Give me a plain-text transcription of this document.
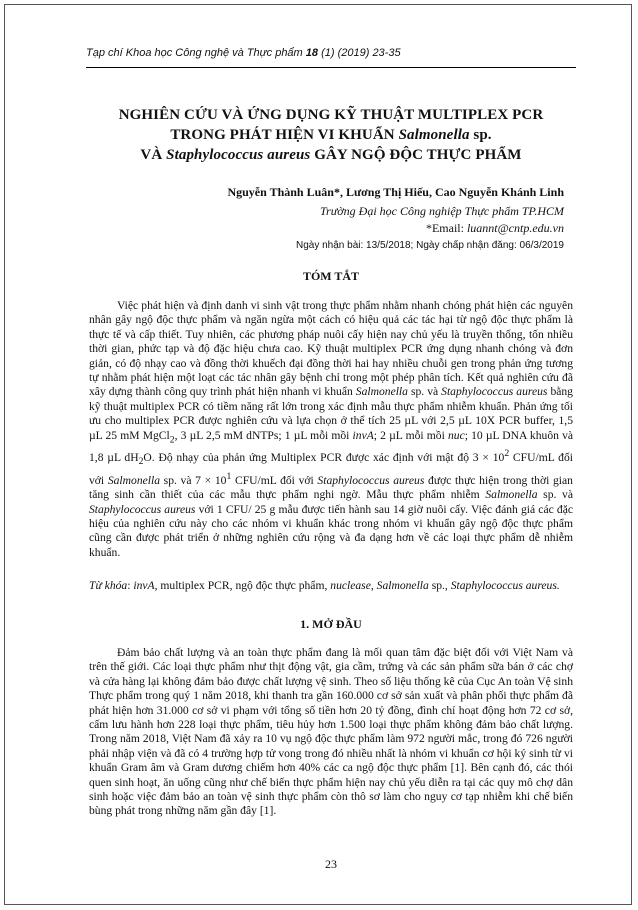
Tạp chí Khoa học Công nghệ và Thực phẩm 18 (1) (2019) 23-35
NGHIÊN CỨU VÀ ỨNG DỤNG KỸ THUẬT MULTIPLEX PCR
TRONG PHÁT HIỆN VI KHUẨN Salmonella sp.
VÀ Staphylococcus aureus GÂY NGỘ ĐỘC THỰC PHẨM
Nguyễn Thành Luân*, Lương Thị Hiếu, Cao Nguyễn Khánh Linh
Trường Đại học Công nghiệp Thực phẩm TP.HCM
*Email: luannt@cntp.edu.vn
Ngày nhận bài: 13/5/2018; Ngày chấp nhận đăng: 06/3/2019
TÓM TẮT

Việc phát hiện và định danh vi sinh vật trong thực phẩm nhằm nhanh chóng phát hiện các nguyên nhân gây ngộ độc thực phẩm và ngăn ngừa một cách có hiệu quả các tác hại từ ngộ độc thực phẩm là thực tế và cấp thiết. Tuy nhiên, các phương pháp nuôi cấy hiện nay chủ yếu là truyền thống, tốn nhiều thời gian, phức tạp và độ đặc hiệu chưa cao. Kỹ thuật multiplex PCR ứng dụng nhanh chóng và đơn giản, có độ nhạy cao và đồng thời khuếch đại đồng thời hai hay nhiều chuỗi gen trong phản ứng tương tự nhằm phát hiện một loạt các tác nhân gây bệnh chỉ trong một phép phân tích. Kết quả nghiên cứu đã xây dựng thành công quy trình phát hiện nhanh vi khuẩn Salmonella sp. và Staphylococcus aureus bằng kỹ thuật multiplex PCR có tiềm năng rất lớn trong xác định mẫu thực phẩm nhiễm khuẩn. Phản ứng tối ưu cho multiplex PCR được nghiên cứu và lựa chọn ở thể tích 25 µL với 2,5 µL 10X PCR buffer, 1,5 µL 25 mM MgCl$_2$, 3 µL 2,5 mM dNTPs; 1 µL mỗi mồi invA; 2 µL mỗi mồi nuc; 10 µL DNA khuôn và 1,8 µL $dH_2O$. Độ nhạy của phản ứng Multiplex PCR được xác định với mật độ $3 \times 10^2$ CFU/mL đối với Salmonella sp. và $7 \times 10^1$ CFU/mL đối với Staphylococcus aureus được thực hiện trong thời gian tăng sinh cần thiết của các mẫu thực phẩm nghi ngờ. Mẫu thực phẩm nhiễm Salmonella sp. và Staphylococcus aureus với 1 CFU/ 25 g mẫu được tiến hành sau 14 giờ nuôi cấy. Việc đánh giá các đặc hiệu của nghiên cứu này cho các nhóm vi khuẩn khác trong nhóm vi khuẩn gây ngộ độc thực phẩm cũng cần được phát triển ở những nghiên cứu rộng và đa dạng hơn về các loại thực phẩm dễ nhiễm khuẩn.

Từ khóa: invA, multiplex PCR, ngộ độc thực phẩm, nuclease, Salmonella sp., Staphylococcus aureus.

1. MỞ ĐẦU

Đảm bảo chất lượng và an toàn thực phẩm đang là mối quan tâm đặc biệt đối với Việt Nam và trên thế giới. Các loại thực phẩm như thịt động vật, gia cầm, trứng và các sản phẩm sữa bán ở các chợ và cửa hàng lại không đảm bảo được chất lượng vệ sinh. Theo số liệu thống kê của Cục An toàn Vệ sinh Thực phẩm trong quý 1 năm 2018, khi thanh tra gần 160.000 cơ sở sản xuất và phân phối thực phẩm đã phát hiện hơn 31.000 cơ sở vi phạm với tổng số tiền hơn 20 tỷ đồng, đình chỉ hoạt động hơn 72 cơ sở, cấm lưu hành hơn 228 loại thực phẩm, tiêu hủy hơn 1.500 loại thực phẩm không đảm bảo chất lượng. Trong năm 2018, Việt Nam đã xảy ra 10 vụ ngộ độc thực phẩm làm 972 người mắc, trong đó 726 người phải nhập viện và đã có 4 trường hợp tử vong trong đó nhiều nhất là nhóm vi khuẩn cơ hội ký sinh từ vi khuẩn Gram âm và Gram dương chiếm hơn 40% các ca ngộ độc thực phẩm [1]. Bên cạnh đó, các thói quen sinh hoạt, ăn uống cũng như chế biến thực phẩm hiện nay chủ yếu diễn ra tại các quy mô chợ dân sinh hoặc việc đảm bảo an toàn vệ sinh thực phẩm còn thô sơ làm cho nguy cơ tạp nhiễm khi chế biến bùng phát trong những năm gần đây [1].

23
